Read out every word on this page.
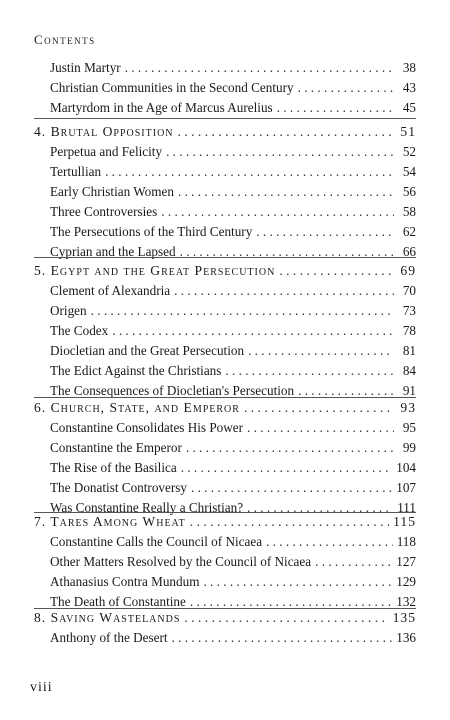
Contents
Justin Martyr . . .	38
Christian Communities in the Second Century . . .	43
Martyrdom in the Age of Marcus Aurelius . . .	45
4. Brutal Opposition . . .	51
Perpetua and Felicity . . .	52
Tertullian . . .	54
Early Christian Women . . .	56
Three Controversies . . .	58
The Persecutions of the Third Century . . .	62
Cyprian and the Lapsed . . .	66
5. Egypt and the Great Persecution . . .	69
Clement of Alexandria . . .	70
Origen . . .	73
The Codex . . .	78
Diocletian and the Great Persecution . . .	81
The Edict Against the Christians . . .	84
The Consequences of Diocletian's Persecution . . .	91
6. Church, State, and Emperor . . .	93
Constantine Consolidates His Power . . .	95
Constantine the Emperor . . .	99
The Rise of the Basilica . . .	104
The Donatist Controversy . . .	107
Was Constantine Really a Christian? . . .	111
7. Tares Among Wheat . . .	115
Constantine Calls the Council of Nicaea . . .	118
Other Matters Resolved by the Council of Nicaea . . .	127
Athanasius Contra Mundum . . .	129
The Death of Constantine . . .	132
8. Saving Wastelands . . .	135
Anthony of the Desert . . .	136
viii
